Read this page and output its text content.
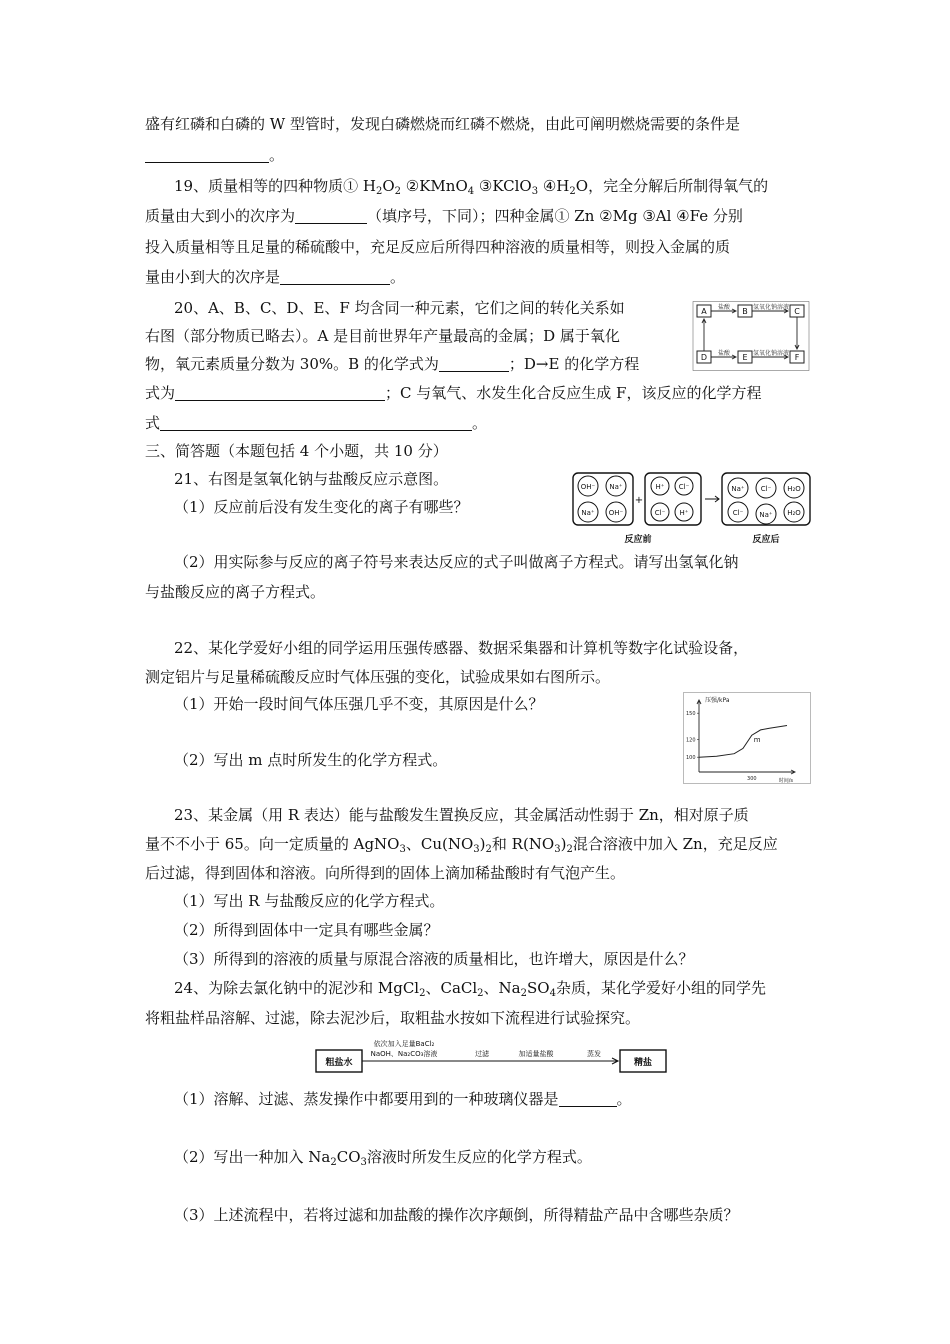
盛有红磷和白磷的 W 型管时，发现白磷燃烧而红磷不燃烧，由此可阐明燃烧需要的条件是
。
19、质量相等的四种物质① $H_2O_2$ ②KMnO$_4$ ③KClO$_3$ $④H_2O$，完全分解后所制得氧气的
质量由大到小的次序为	（填序号，下同）；四种金属① Zn ②Mg ③Al ④Fe 分别
投入质量相等且足量的稀硫酸中，充足反应后所得四种溶液的质量相等，则投入金属的质
量由小到大的次序是	。
20、A、B、C、D、E、F 均含同一种元素，它们之间的转化关系如
右图（部分物质已略去）。A 是目前世界年产量最高的金属；D 属于氧化
物，氧元素质量分数为 30%。B 的化学式为	；D→E 的化学方程
式为	；C 与氧气、水发生化合反应生成 F，该反应的化学方程
式	。
三、简答题（本题包括 4 个小题，共 10 分）
21、右图是氢氧化钠与盐酸反应示意图。
（1）反应前后没有发生变化的离子有哪些？
（2）用实际参与反应的离子符号来表达反应的式子叫做离子方程式。请写出氢氧化钠
与盐酸反应的离子方程式。
22、某化学爱好小组的同学运用压强传感器、数据采集器和计算机等数字化试验设备，
测定铝片与足量稀硫酸反应时气体压强的变化，试验成果如右图所示。
（1）开始一段时间气体压强几乎不变，其原因是什么？
（2）写出 m 点时所发生的化学方程式。
23、某金属（用 R 表达）能与盐酸发生置换反应，其金属活动性弱于 Zn，相对原子质
量不不小于 65。向一定质量的 AgNO$_3$、$Cu(NO_3)_2$和 $R(NO_3)_2$混合溶液中加入 Zn，充足反应
后过滤，得到固体和溶液。向所得到的固体上滴加稀盐酸时有气泡产生。
（1）写出 R 与盐酸反应的化学方程式。
（2）所得到固体中一定具有哪些金属？
（3）所得到的溶液的质量与原混合溶液的质量相比，也许增大，原因是什么？
24、为除去氯化钠中的泥沙和 MgCl$_2$、CaCl$_2$、$Na_2SO_4$杂质，某化学爱好小组的同学先
将粗盐样品溶解、过滤，除去泥沙后，取粗盐水按如下流程进行试验探究。
（1）溶解、过滤、蒸发操作中都要用到的一种玻璃仪器是	。
（2）写出一种加入 $Na_2CO_3$溶液时所发生反应的化学方程式。
（3）上述流程中，若将过滤和加盐酸的操作次序颠倒，所得精盐产品中含哪些杂质？
A	B	C
D	E	F
盐酸	氢氧化钠溶液
盐酸	氢氧化钠溶液
OH⁻ Na⁺
Na⁺ OH⁻
H⁺ Cl⁻
Cl⁻ H⁺
Na⁺ Cl⁻ H₂O
Cl⁻ Na⁺ H₂O
+
反应前	反应后
压强/kPa
时间/s
100
120
150
300
m
粗盐水	精盐
依次加入足量BaCl₂
NaOH、Na₂CO₃溶液	过滤	加适量盐酸	蒸发
